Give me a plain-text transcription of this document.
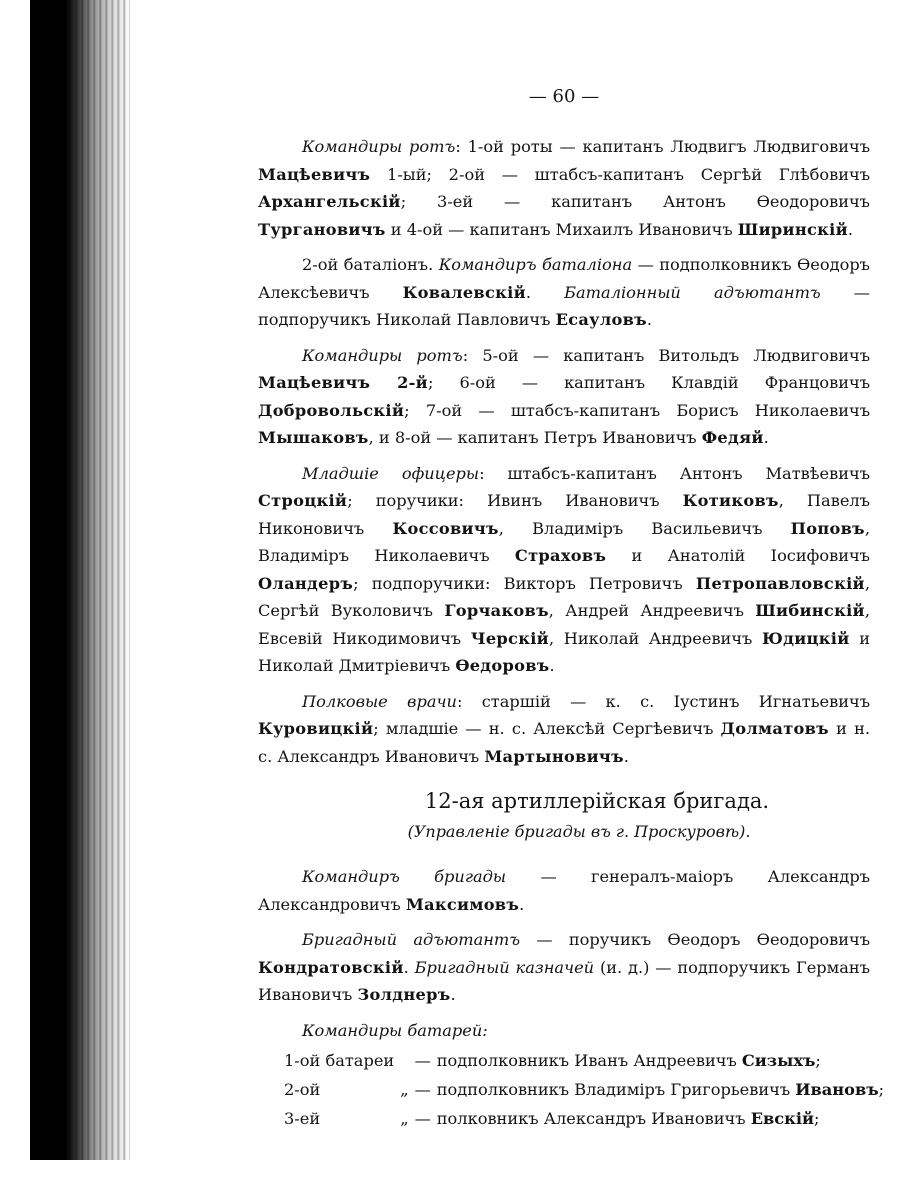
— 60 —

Командиры ротъ: 1-ой роты — капитанъ Людвигъ Людвиговичъ Мацѣевичъ 1-ый; 2-ой — штабсъ-капитанъ Сергѣй Глѣбовичъ Архангельскій; 3-ей — капитанъ Антонъ Ѳеодоровичъ Тургановичъ и 4-ой — капитанъ Михаилъ Ивановичъ Ширинскій.

2-ой баталіонъ. Командиръ баталіона — подполковникъ Ѳеодоръ Алексѣевичъ Ковалевскій. Баталіонный адъютантъ — подпоручикъ Николай Павловичъ Есауловъ.

Командиры ротъ: 5-ой — капитанъ Витольдъ Людвиговичъ Мацѣевичъ 2-й; 6-ой — капитанъ Клавдій Францовичъ Добровольскій; 7-ой — штабсъ-капитанъ Борисъ Николаевичъ Мышаковъ, и 8-ой — капитанъ Петръ Ивановичъ Федяй.

Младшіе офицеры: штабсъ-капитанъ Антонъ Матвѣевичъ Строцкій; поручики: Ивинъ Ивановичъ Котиковъ, Павелъ Никоновичъ Коссовичъ, Владиміръ Васильевичъ Поповъ, Владиміръ Николаевичъ Страховъ и Анатолій Іосифовичъ Оландеръ; подпоручики: Викторъ Петровичъ Петропавловскій, Сергѣй Вуколовичъ Горчаковъ, Андрей Андреевичъ Шибинскій, Евсевій Никодимовичъ Черскій, Николай Андреевичъ Юдицкій и Николай Дмитріевичъ Ѳедоровъ.

Полковые врачи: старшій — к. с. Іустинъ Игнатьевичъ Куровицкій; младшіе — н. с. Алексѣй Сергѣевичъ Долматовъ и н. с. Александръ Ивановичъ Мартыновичъ.

12-ая артиллерійская бригада.
(Управленіе бригады въ г. Проскуровѣ).

Командиръ бригады — генералъ-маіоръ Александръ Александровичъ Максимовъ.

Бригадный адъютантъ — поручикъ Ѳеодоръ Ѳеодоровичъ Кондратовскій. Бригадный казначей (и. д.) — подпоручикъ Германъ Ивановичъ Золднеръ.

Командиры батарей:
1-ой батареи		—	подполковникъ Иванъ Андреевичъ Сизыхъ;
2-ой	„	—	подполковникъ Владиміръ Григорьевичъ Ивановъ;
3-ей	„	—	полковникъ Александръ Ивановичъ Евскій;
